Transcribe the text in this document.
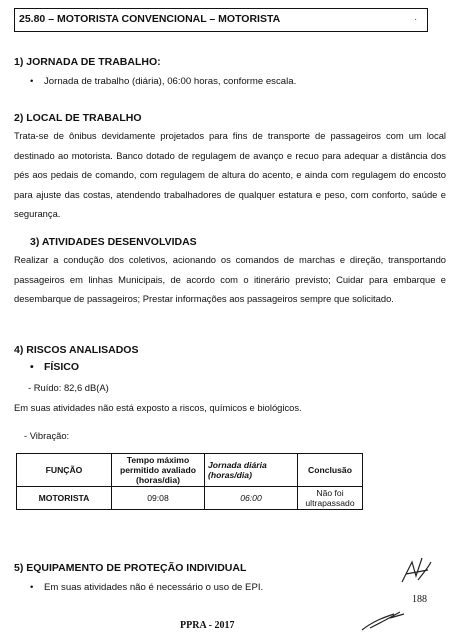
25.80 – MOTORISTA CONVENCIONAL – MOTORISTA	.

1) JORNADA DE TRABALHO:

• Jornada de trabalho (diária), 06:00 horas, conforme escala.

2) LOCAL DE TRABALHO

Trata-se de ônibus devidamente projetados para fins de transporte de passageiros com um local destinado ao motorista. Banco dotado de regulagem de avanço e recuo para adequar a distância dos pés aos pedais de comando, com regulagem de altura do acento, e ainda com regulagem do encosto para ajuste das costas, atendendo trabalhadores de qualquer estatura e peso, com conforto, saúde e segurança.

3) ATIVIDADES DESENVOLVIDAS

Realizar a condução dos coletivos, acionando os comandos de marchas e direção, transportando passageiros em linhas Municipais, de acordo com o itinerário previsto; Cuidar para embarque e desembarque de passageiros; Prestar informações aos passageiros sempre que solicitado.

4) RISCOS ANALISADOS

• FÍSICO

- Ruído: 82,6 dB(A)

Em suas atividades não está exposto a riscos, químicos e biológicos.

- Vibração:

FUNÇÃO	Tempo máximo permitido avaliado (horas/dia)	Jornada diária (horas/dia)	Conclusão
MOTORISTA	09:08	06:00	Não foi ultrapassado

5) EQUIPAMENTO DE PROTEÇÃO INDIVIDUAL

• Em suas atividades não é necessário o uso de EPI.

188
PPRA - 2017
